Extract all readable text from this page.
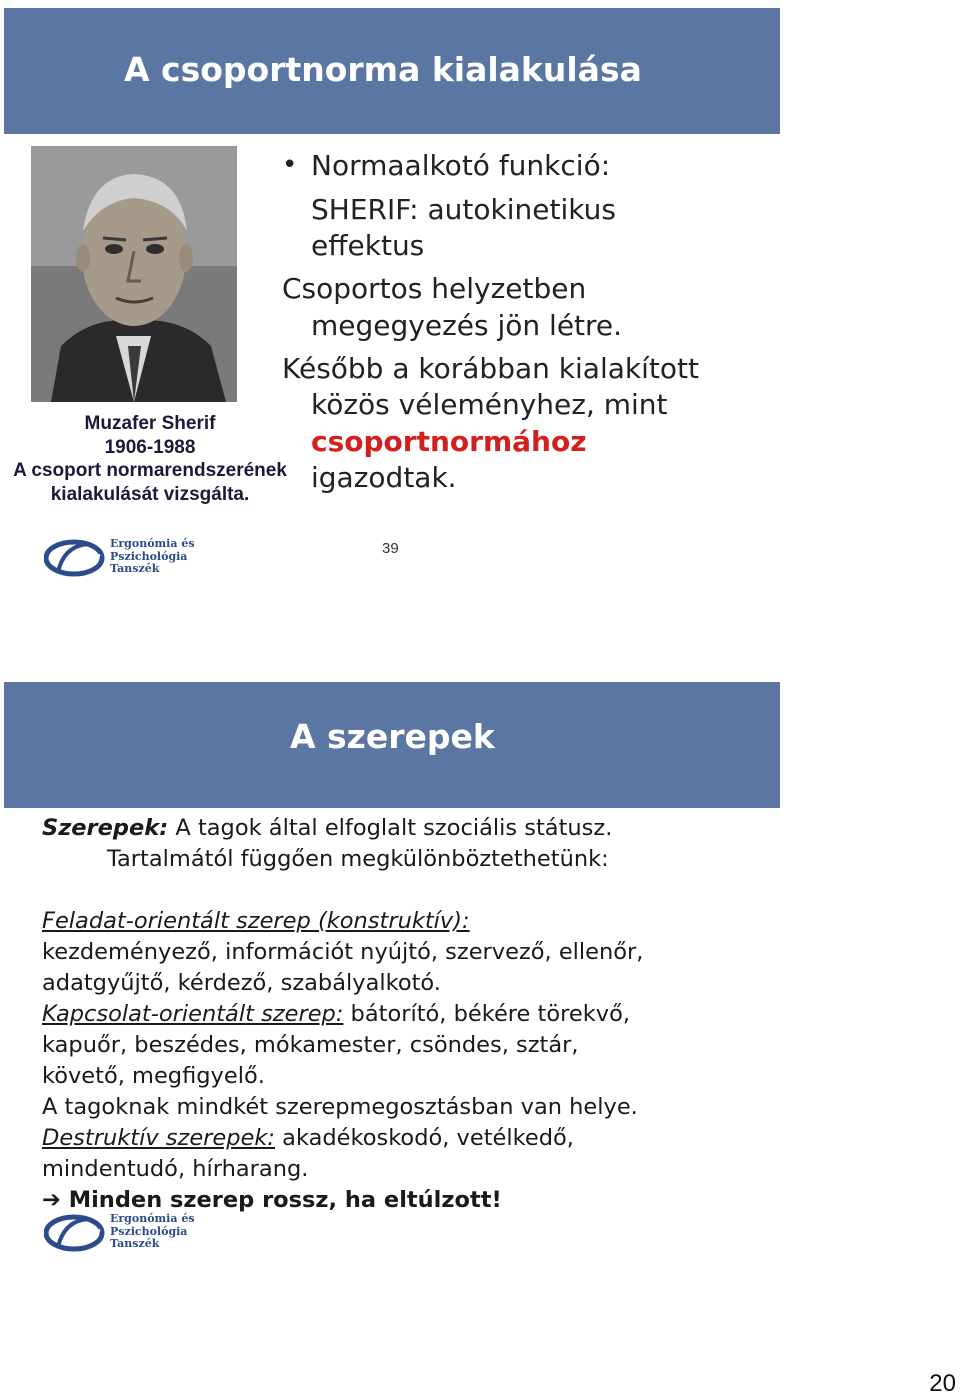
A csoportnorma kialakulása
Muzafer Sherif
1906-1988
A csoport normarendszerének
kialakulását vizsgálta.
• Normaalkotó funkció:
SHERIF: autokinetikus
effektus
Csoportos helyzetben
megegyezés jön létre.
Később a korábban kialakított
közös véleményhez, mint
csoportnormához
igazodtak.
Ergonómia és
Pszichológia
Tanszék
39
A szerepek
Szerepek: A tagok által elfoglalt szociális státusz.
Tartalmától függően megkülönböztethetünk:
Feladat-orientált szerep (konstruktív):
kezdeményező, információt nyújtó, szervező, ellenőr,
adatgyűjtő, kérdező, szabályalkotó.
Kapcsolat-orientált szerep: bátorító, békére törekvő,
kapuőr, beszédes, mókamester, csöndes, sztár,
követő, megfigyelő.
A tagoknak mindkét szerepmegosztásban van helye.
Destruktív szerepek: akadékoskodó, vetélkedő,
mindentudó, hírharang.
➔ Minden szerep rossz, ha eltúlzott!
Ergonómia és
Pszichológia
Tanszék
20
